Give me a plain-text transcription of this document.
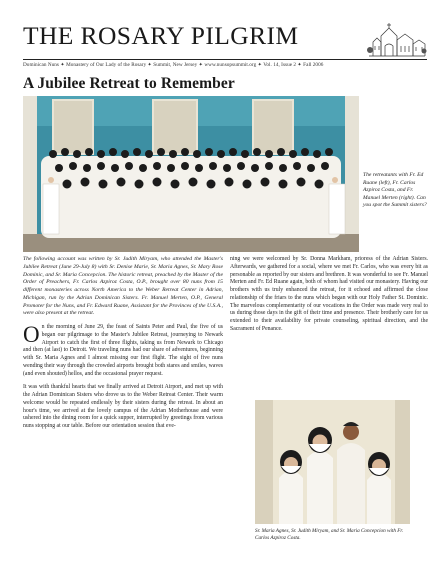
THE ROSARY PILGRIM
Dominican Nuns ✦ Monastery of Our Lady of the Rosary ✦ Summit, New Jersey ✦ www.nunsopsummit.org ✦ Vol. 14, Issue 2 ✦ Fall 2006
A Jubilee Retreat to Remember
The retreatants with Fr. Ed Ruane (left), Fr. Carlos Azpiroz Costa, and Fr. Manuel Merten (right). Can you spot the Summit sisters?

The following account was written by Sr. Judith Miryam, who attended the Master's Jubilee Retreat (June 29-July 8) with Sr. Denise Marie, Sr. Maria Agnes, Sr. Mary Rose Dominic, and Sr. Maria Concepcion. The historic retreat, preached by the Master of the Order of Preachers, Fr. Carlos Azpiroz Costa, O.P., brought over 80 nuns from 15 different monasteries across North America to the Weber Retreat Center in Adrian, Michigan, run by the Adrian Dominican Sisters. Fr. Manuel Merten, O.P., General Promoter for the Nuns, and Fr. Edward Ruane, Assistant for the Provinces of the U.S.A., were also present at the retreat.

On the morning of June 29, the feast of Saints Peter and Paul, the five of us began our pilgrimage to the Master's Jubilee Retreat, journeying to Newark Airport to catch the first of three flights, taking us from Newark to Chicago and then (at last) to Detroit. We traveling nuns had our share of adventures, beginning with Sr. Maria Agnes and I almost missing our first flight. The sight of five nuns wending their way through the crowded airports brought both stares and smiles, waves (and even shouted) hellos, and the occasional prayer request.

It was with thankful hearts that we finally arrived at Detroit Airport, and met up with the Adrian Dominican Sisters who drove us to the Weber Retreat Center. Their warm welcome would be repeated endlessly by their sisters during the retreat. In about an hour's time, we arrived at the lovely campus of the Adrian Motherhouse and were ushered into the dining room for a quick supper, interrupted by greetings from various nuns stopping at our table. Before our orientation session that eve-

ning we were welcomed by Sr. Donna Markham, prioress of the Adrian Sisters. Afterwards, we gathered for a social, where we met Fr. Carlos, who was every bit as personable as reported by our sisters and brethren. It was wonderful to see Fr. Manuel Merten and Fr. Ed Ruane again, both of whom had visited our monastery. Having our brothers with us truly enhanced the retreat, for it echoed and affirmed the close relationship of the friars to the nuns which began with our Holy Father St. Dominic. The marvelous complementarity of our vocations in the Order was made very real to us during those days in the gift of their time and presence. Their brotherly care for us extended to their availability for private counseling, spiritual direction, and the Sacrament of Penance.

Sr. Maria Agnes, Sr. Judith Miryam, and Sr. Maria Concepcion with Fr. Carlos Azpiroz Costa.
